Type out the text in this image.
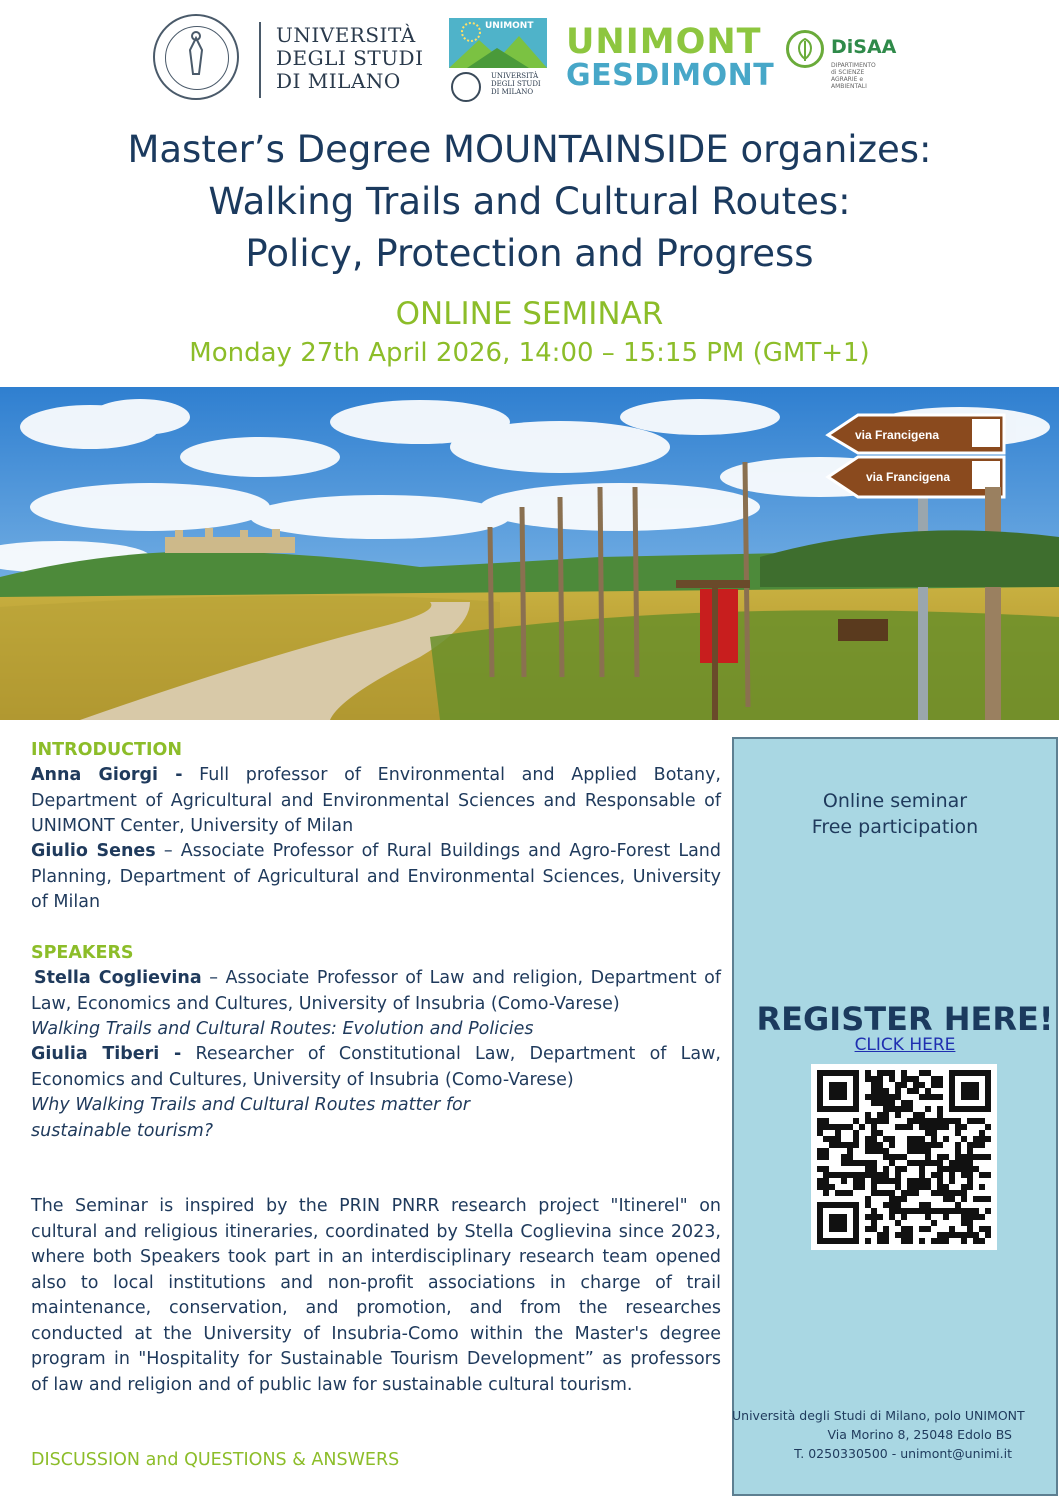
UNIVERSITÀ
DEGLI STUDI
DI MILANO
UNIMONT
UNIVERSITÀ
DEGLI STUDI
DI MILANO
UNIMONT
GESDIMONT
DiSAA
DIPARTIMENTO
di SCIENZE
AGRARIE e
AMBIENTALI
Master’s Degree MOUNTAINSIDE organizes:
Walking Trails and Cultural Routes:
Policy, Protection and Progress
ONLINE SEMINAR
Monday 27th April 2026, 14:00 – 15:15 PM (GMT+1)
via Francigena
via Francigena
INTRODUCTION
Anna Giorgi - Full professor of Environmental and Applied Botany, Department of Agricultural and Environmental Sciences and Responsable of UNIMONT Center, University of Milan
Giulio Senes – Associate Professor of Rural Buildings and Agro-Forest Land Planning, Department of Agricultural and Environmental Sciences, University of Milan
SPEAKERS
Stella Coglievina – Associate Professor of Law and religion, Department of Law, Economics and Cultures, University of Insubria (Como-Varese)
Walking Trails and Cultural Routes: Evolution and Policies
Giulia Tiberi - Researcher of Constitutional Law, Department of Law, Economics and Cultures, University of Insubria (Como-Varese)
Why Walking Trails and Cultural Routes matter for
sustainable tourism?
The Seminar is inspired by the PRIN PNRR research project "Itinerel" on cultural and religious itineraries, coordinated by Stella Coglievina since 2023, where both Speakers took part in an interdisciplinary research team opened also to local institutions and non-profit associations in charge of trail maintenance, conservation, and promotion, and from the researches conducted at the University of Insubria-Como within the Master's degree program in "Hospitality for Sustainable Tourism Development” as professors of law and religion and of public law for sustainable cultural tourism.
DISCUSSION and QUESTIONS & ANSWERS
Online seminar
Free participation
REGISTER HERE!
CLICK HERE
Università degli Studi di Milano, polo UNIMONT
Via Morino 8, 25048 Edolo BS
T. 0250330500 - unimont@unimi.it
